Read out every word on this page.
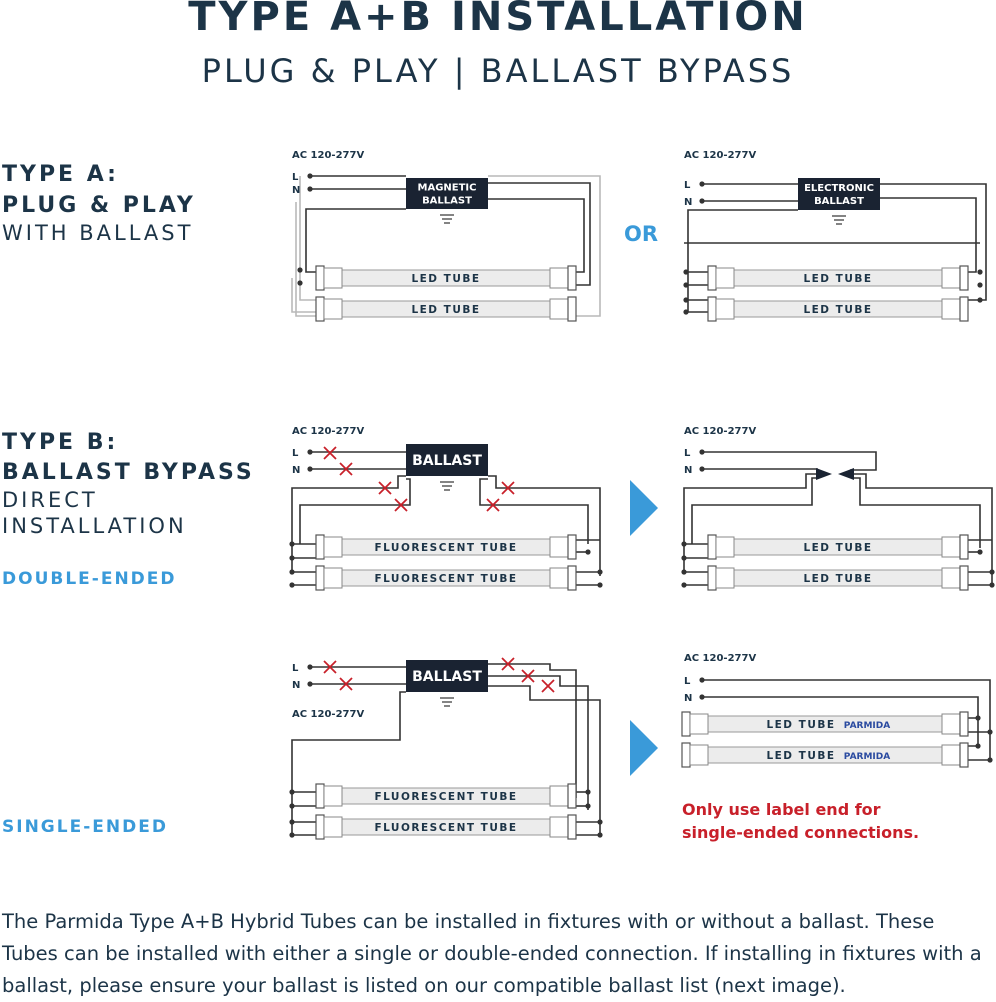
TYPE A+B INSTALLATION
PLUG & PLAY | BALLAST BYPASS
TYPE A:
PLUG & PLAY
WITH BALLAST	OR
TYPE B:
BALLAST BYPASS
DIRECT
INSTALLATION
DOUBLE-ENDED
SINGLE-ENDED
Only use label end for
single-ended connections.
The Parmida Type A+B Hybrid Tubes can be installed in fixtures with or without a ballast. These Tubes can be installed with either a single or double-ended connection. If installing in fixtures with a ballast, please ensure your ballast is listed on our compatible ballast list (next image).
LED TUBE
LED TUBE
LED TUBE
LED TUBE
FLUORESCENT TUBE
FLUORESCENT TUBE
LED TUBE
LED TUBE
FLUORESCENT TUBE
FLUORESCENT TUBE
LED TUBE PARMIDA
LED TUBE PARMIDA
AC 120-277V
L
N	MAGNETIC
BALLAST
AC 120-277V
L
N
ELECTRONIC
BALLAST
AC 120-277V
L
N
BALLAST
AC 120-277V
L
N
L
N
AC 120-277V
BALLAST
AC 120-277V
L
N
